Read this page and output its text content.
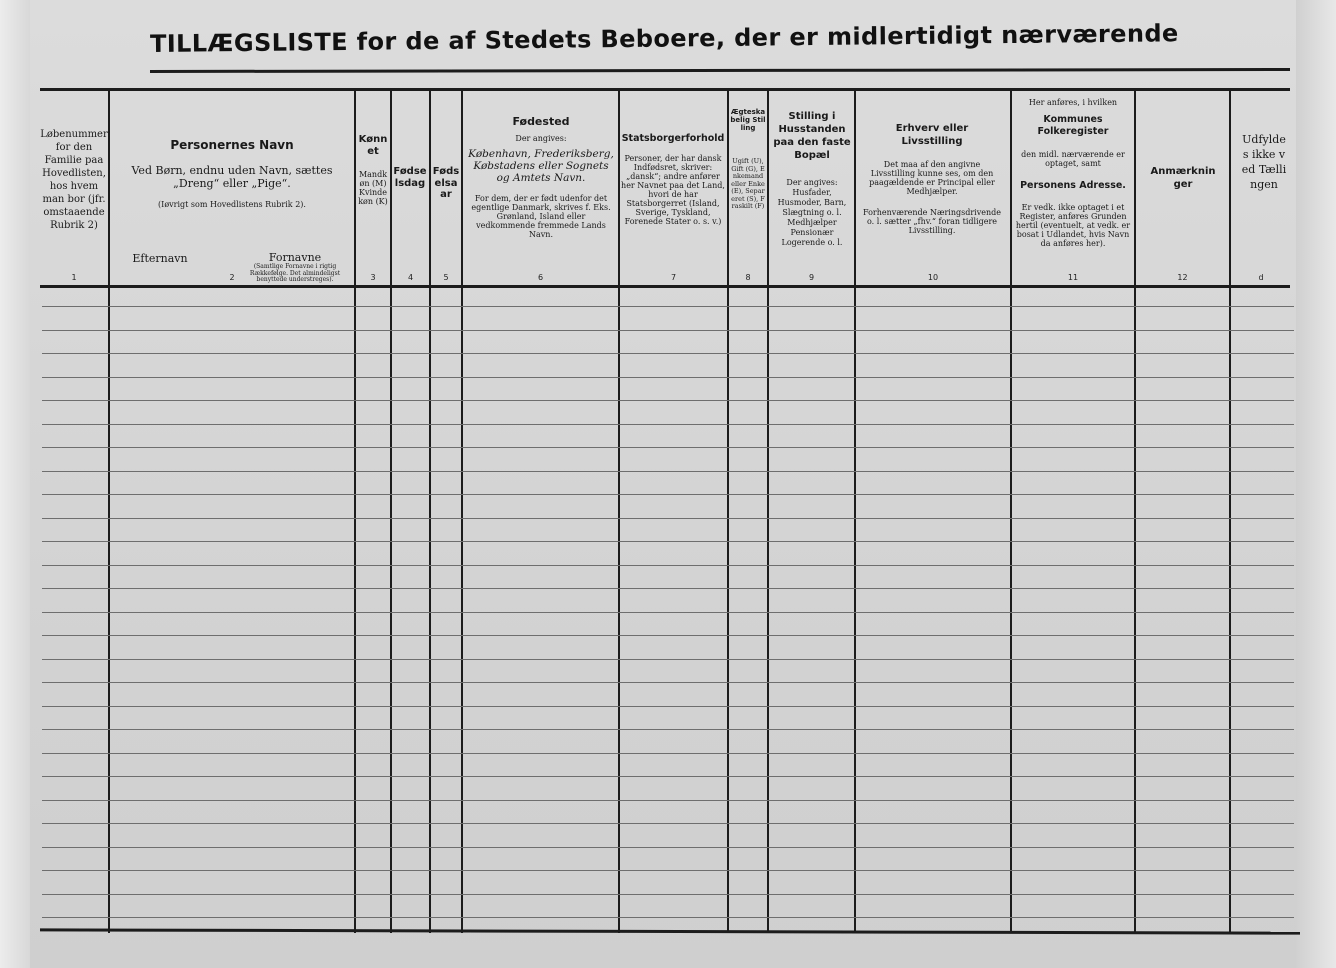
TILLÆGSLISTE for de af Stedets Beboere, der er midlertidigt nærværende
Løbenummer for den Familie paa Hovedlisten, hos hvem man bor (jfr. omstaaende Rubrik 2)
1
Personernes Navn
Ved Børn, endnu uden Navn, sættes „Dreng“ eller „Pige“.
(Iøvrigt som Hovedlistens Rubrik 2).
Efternavn	Fornavne
(Samtlige Fornavne i rigtig Rækkefølge. Det almindeligst benyttede understreges).
2
Kønnet
Mandkøn (M) Kvindekøn (K)
3
Fødselsdag
4
Fødselsaar
5
Fødested
Der angives:
København, Frederiksberg, Købstadens eller Sognets og Amtets Navn.
For dem, der er født udenfor det egentlige Danmark, skrives f. Eks. Grønland, Island eller vedkommende fremmede Lands Navn.
6
Statsborgerforhold
Personer, der har dansk Indfødsret, skriver: „dansk“; andre anfører her Navnet paa det Land, hvori de har Statsborgerret (Island, Sverige, Tyskland, Forenede Stater o. s. v.)
7
Ægteskabelig Stilling
Ugift (U), Gift (G), Enkemand eller Enke (E), Separeret (S), Fraskilt (F)
8
Stilling i Husstanden paa den faste Bopæl
Der angives: Husfader, Husmoder, Barn, Slægtning o. l. Medhjælper Pensionær Logerende o. l.
9
Erhverv eller Livsstilling
Det maa af den angivne Livsstilling kunne ses, om den paagældende er Principal eller Medhjælper.
Forhenværende Næringsdrivende o. l. sætter „fhv.“ foran tidligere Livsstilling.
10
Her anføres, i hvilken
Kommunes Folkeregister
den midl. nærværende er optaget, samt
Personens Adresse.
Er vedk. ikke optaget i et Register, anføres Grunden hertil (eventuelt, at vedk. er bosat i Udlandet, hvis Navn da anføres her).
11
Anmærkninger
12
Udfyldes ikke ved Tællingen
d
